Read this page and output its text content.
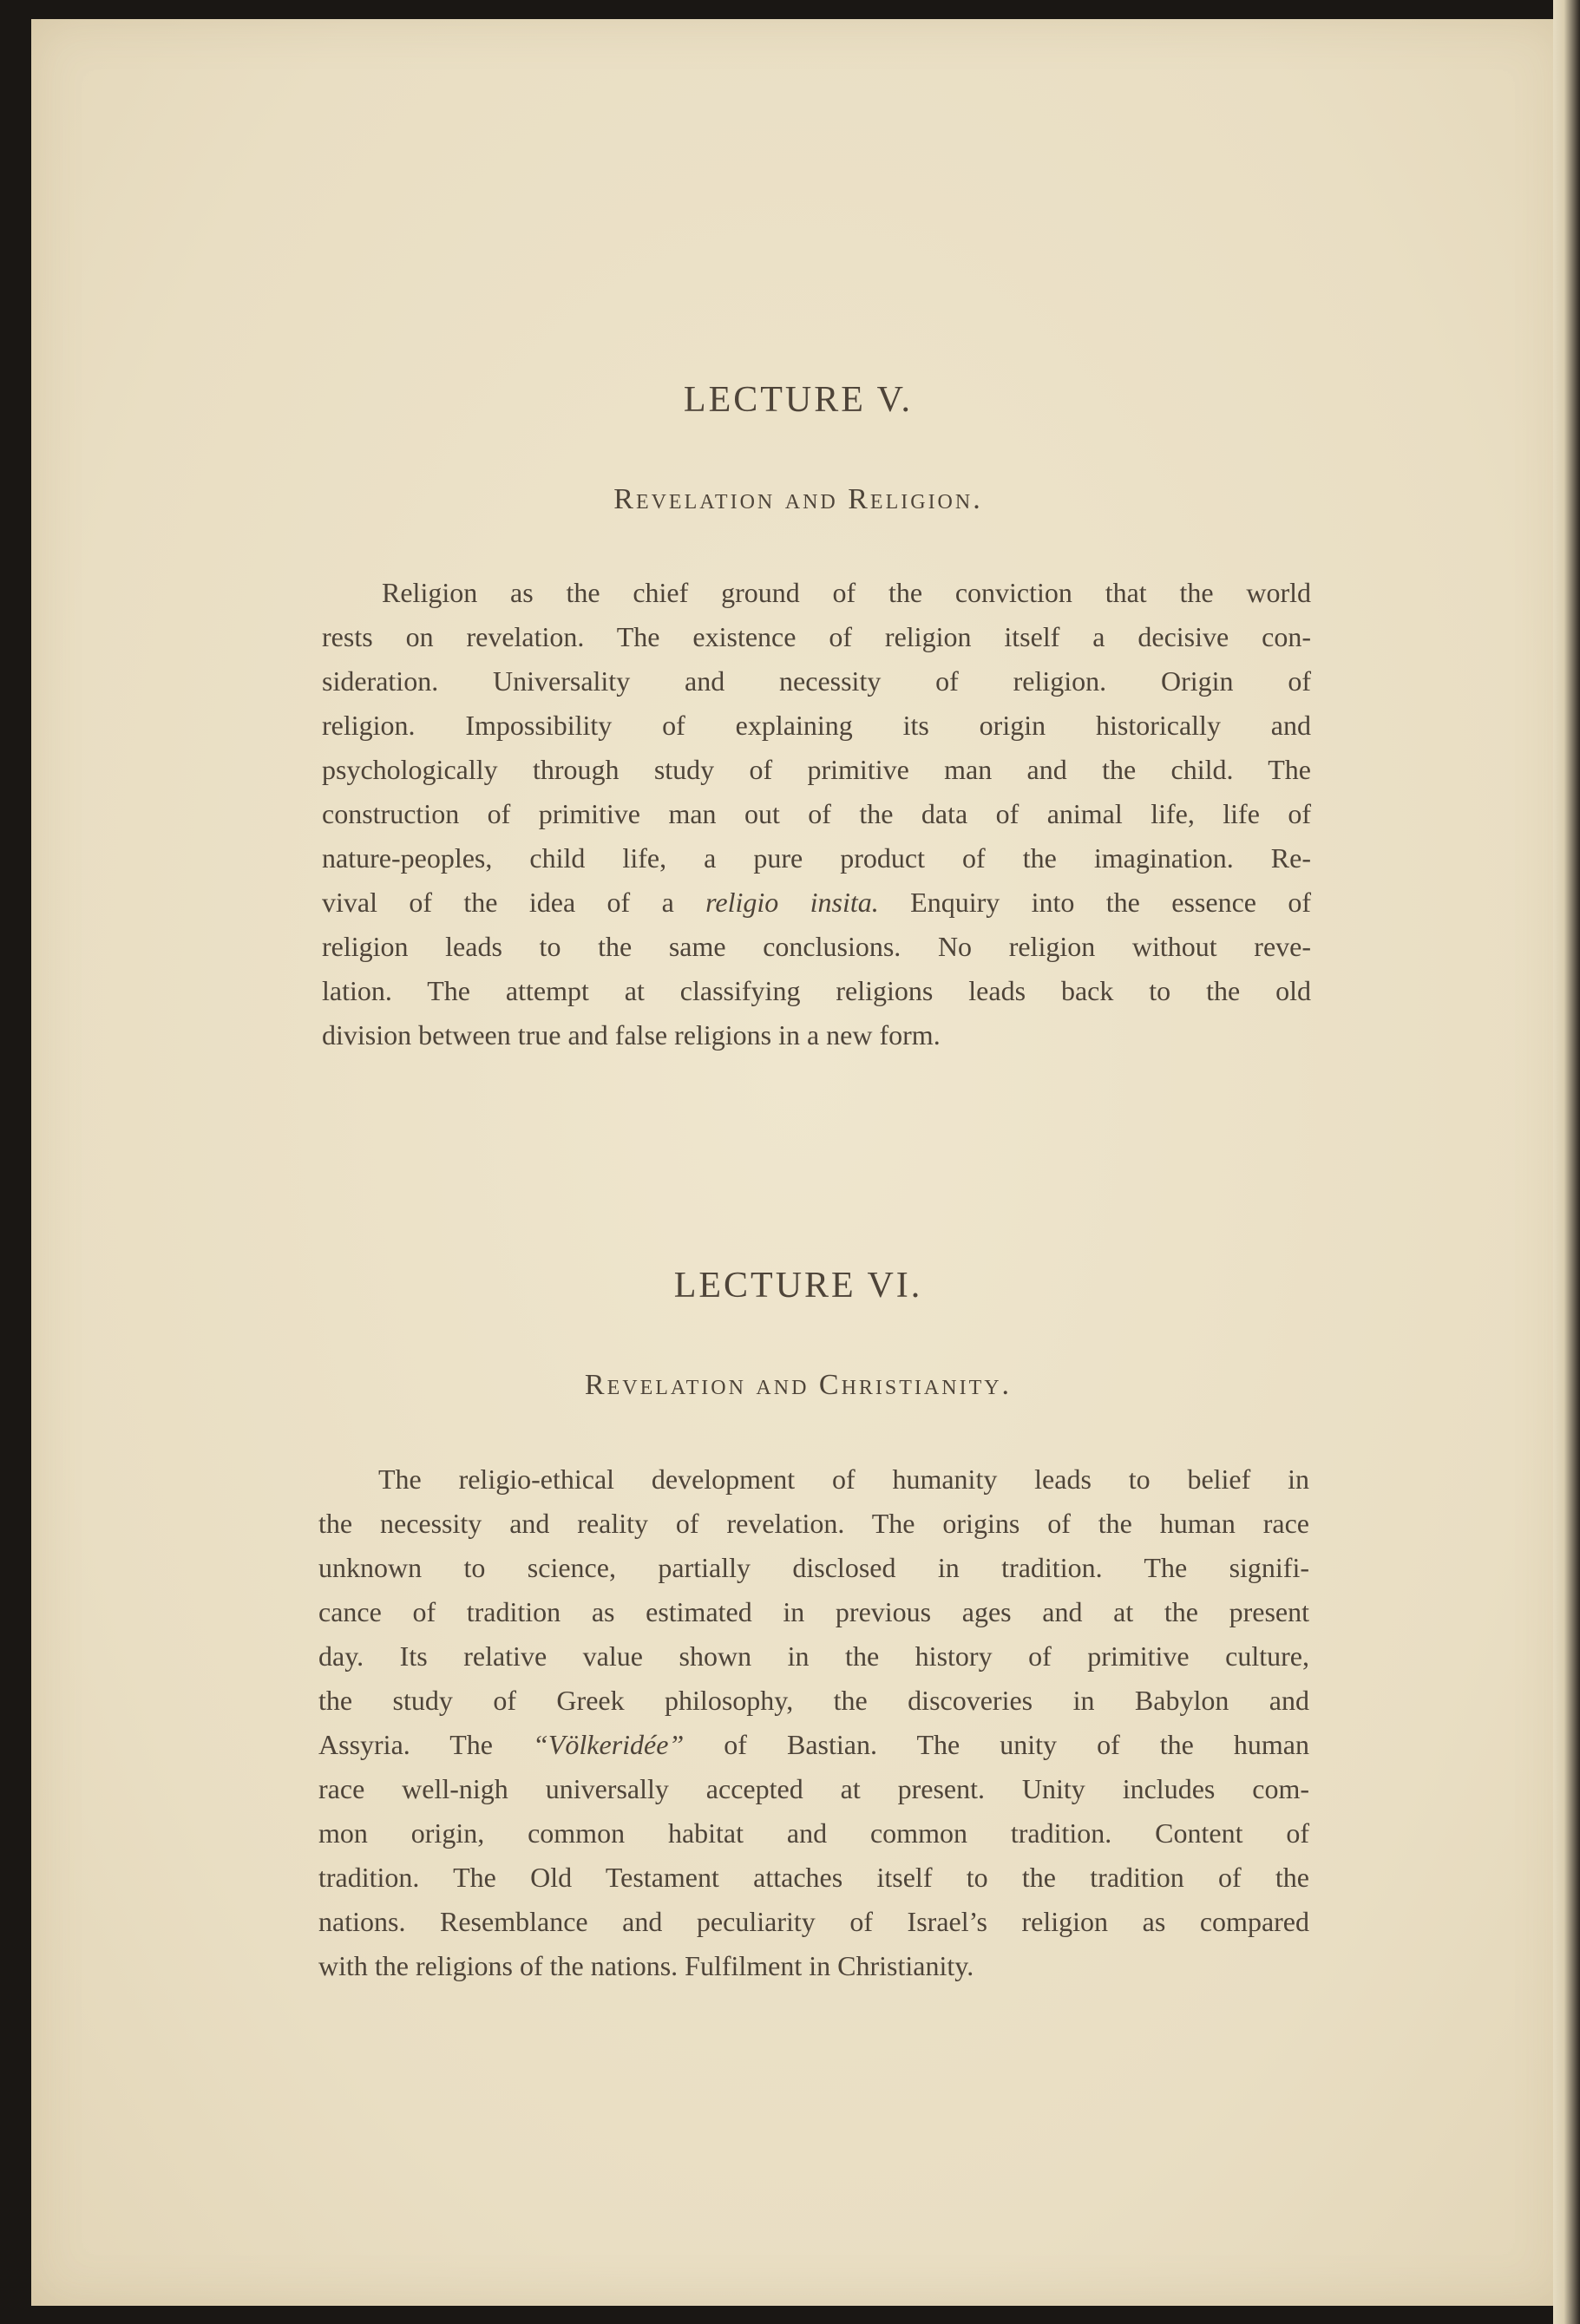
LECTURE V.
Revelation and Religion.
Religion as the chief ground of the conviction that the world
rests on revelation. The existence of religion itself a decisive con-
sideration. Universality and necessity of religion. Origin of
religion. Impossibility of explaining its origin historically and
psychologically through study of primitive man and the child. The
construction of primitive man out of the data of animal life, life of
nature-peoples, child life, a pure product of the imagination. Re-
vival of the idea of a religio insita. Enquiry into the essence of
religion leads to the same conclusions. No religion without reve-
lation. The attempt at classifying religions leads back to the old
division between true and false religions in a new form.
LECTURE VI.
Revelation and Christianity.
The religio-ethical development of humanity leads to belief in
the necessity and reality of revelation. The origins of the human race
unknown to science, partially disclosed in tradition. The signifi-
cance of tradition as estimated in previous ages and at the present
day. Its relative value shown in the history of primitive culture,
the study of Greek philosophy, the discoveries in Babylon and
Assyria. The “Völkeridée” of Bastian. The unity of the human
race well-nigh universally accepted at present. Unity includes com-
mon origin, common habitat and common tradition. Content of
tradition. The Old Testament attaches itself to the tradition of the
nations. Resemblance and peculiarity of Israel’s religion as compared
with the religions of the nations. Fulfilment in Christianity.
